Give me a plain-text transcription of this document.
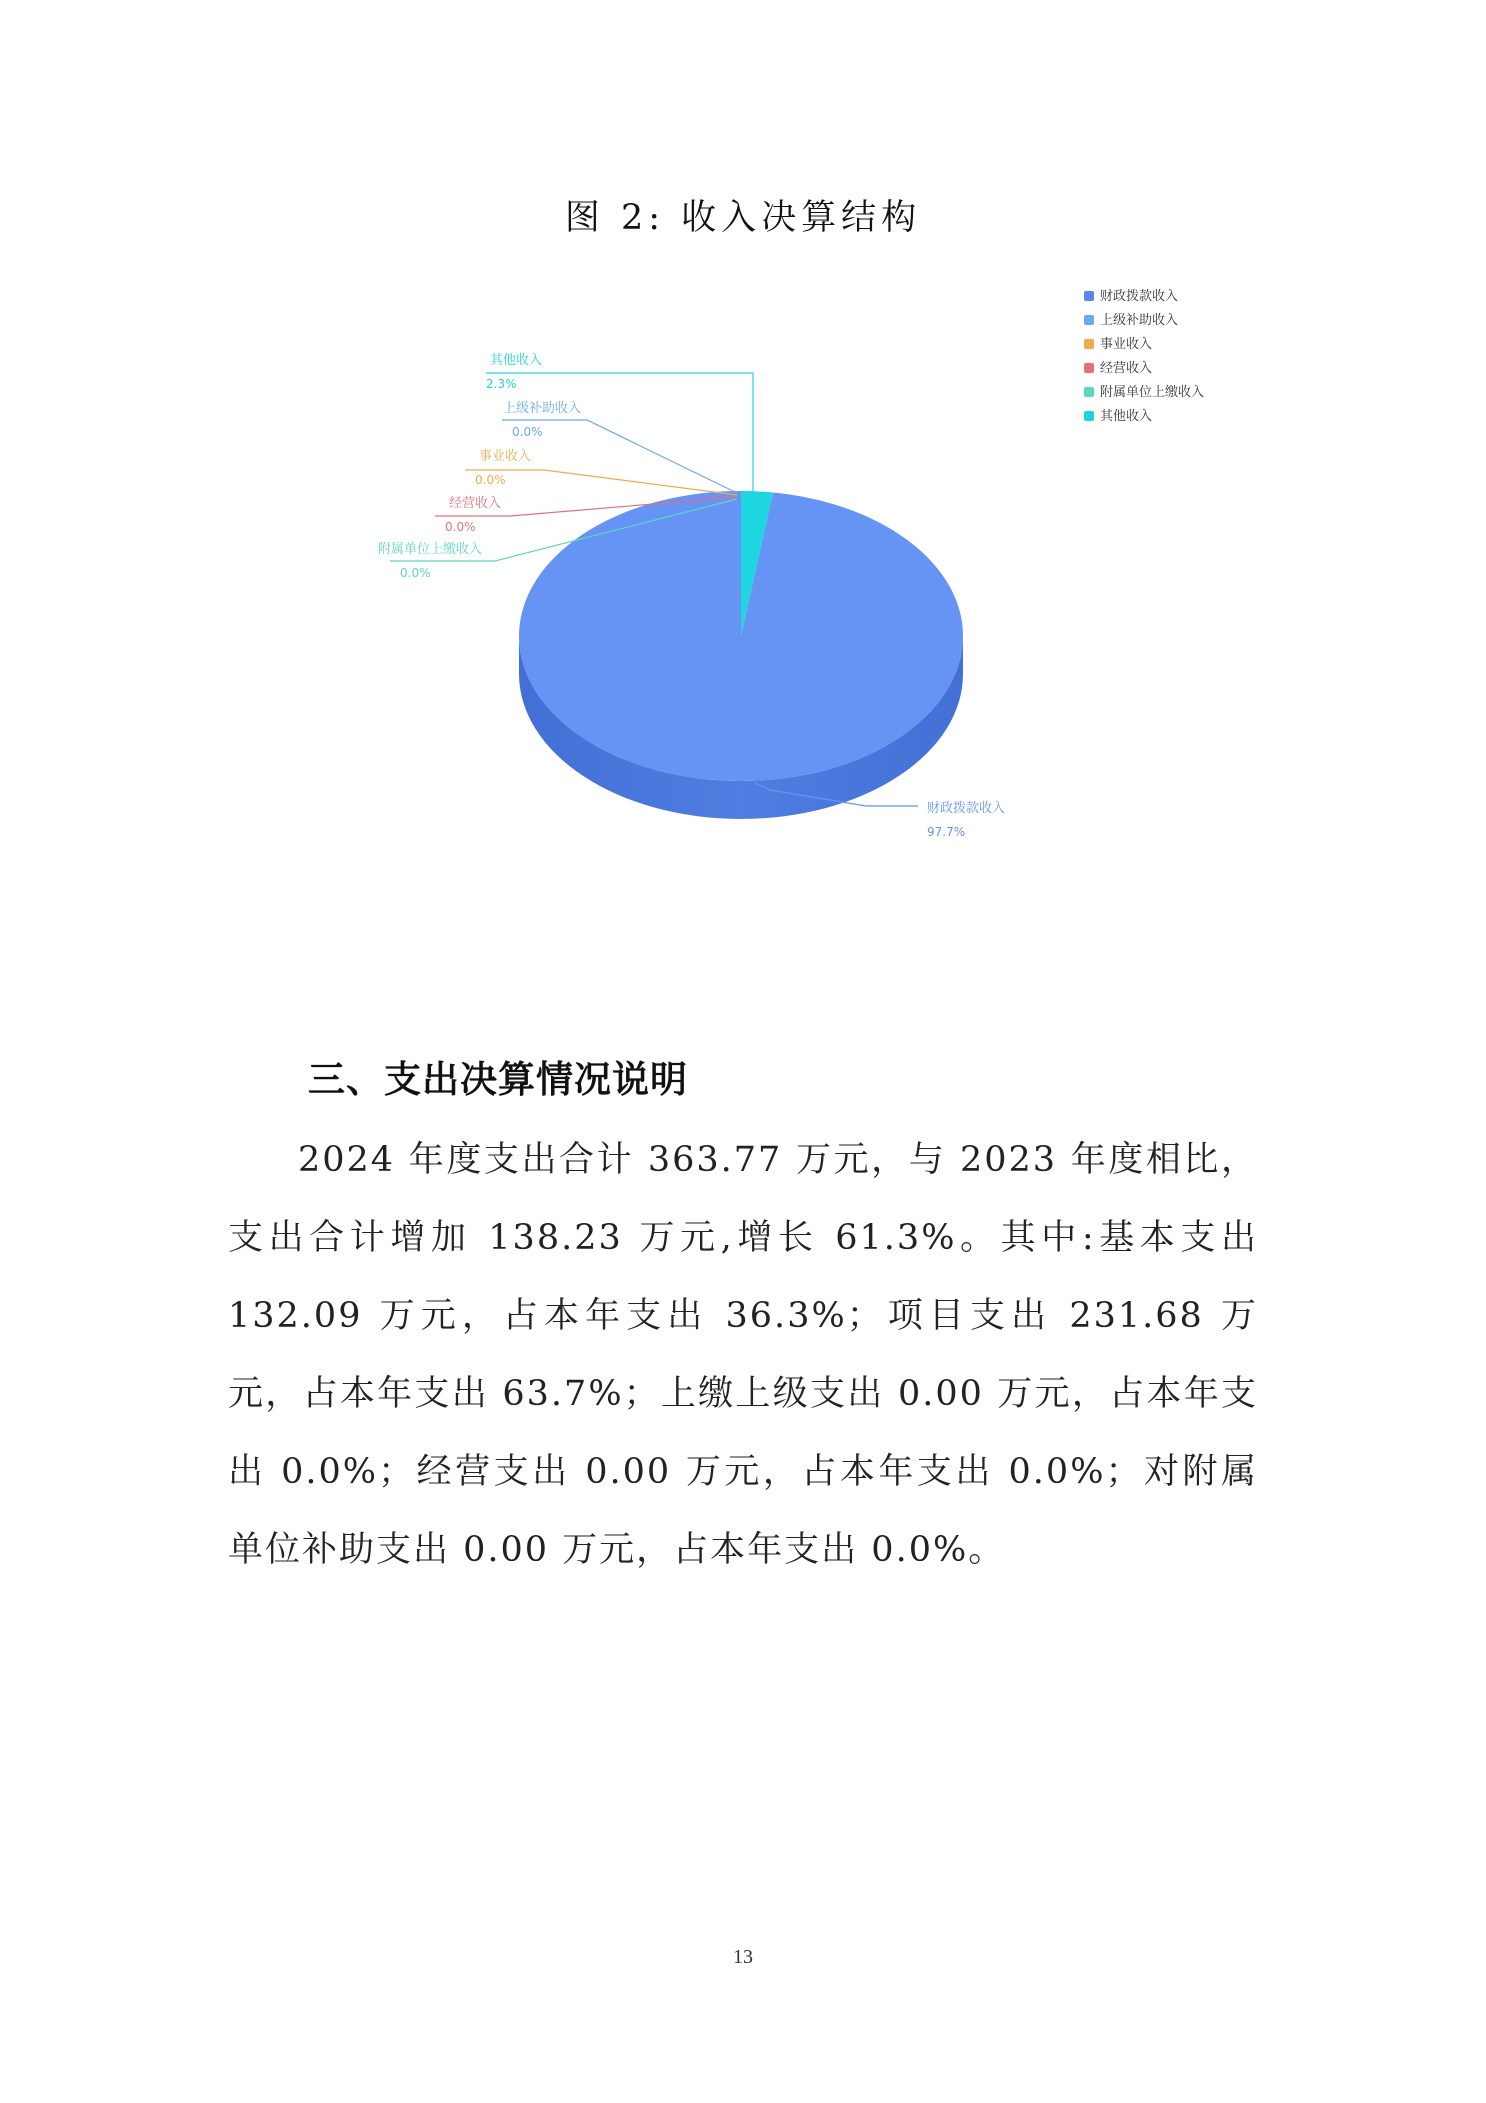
图 2: 收入决算结构
其他收入
2.3%
上级补助收入
0.0%
事业收入
0.0%
经营收入
0.0%
附属单位上缴收入
0.0%
财政拨款收入
97.7%
财政拨款收入
上级补助收入
事业收入
经营收入
附属单位上缴收入
其他收入
三、支出决算情况说明
2024 年度支出合计 363.77 万元，与 2023 年度相比，支出合计增加 138.23 万元,增长 61.3%。其中:基本支出 132.09 万元，占本年支出 36.3%；项目支出 231.68 万元，占本年支出 63.7%；上缴上级支出 0.00 万元，占本年支出 0.0%；经营支出 0.00 万元，占本年支出 0.0%；对附属单位补助支出 0.00 万元，占本年支出 0.0%。
13
